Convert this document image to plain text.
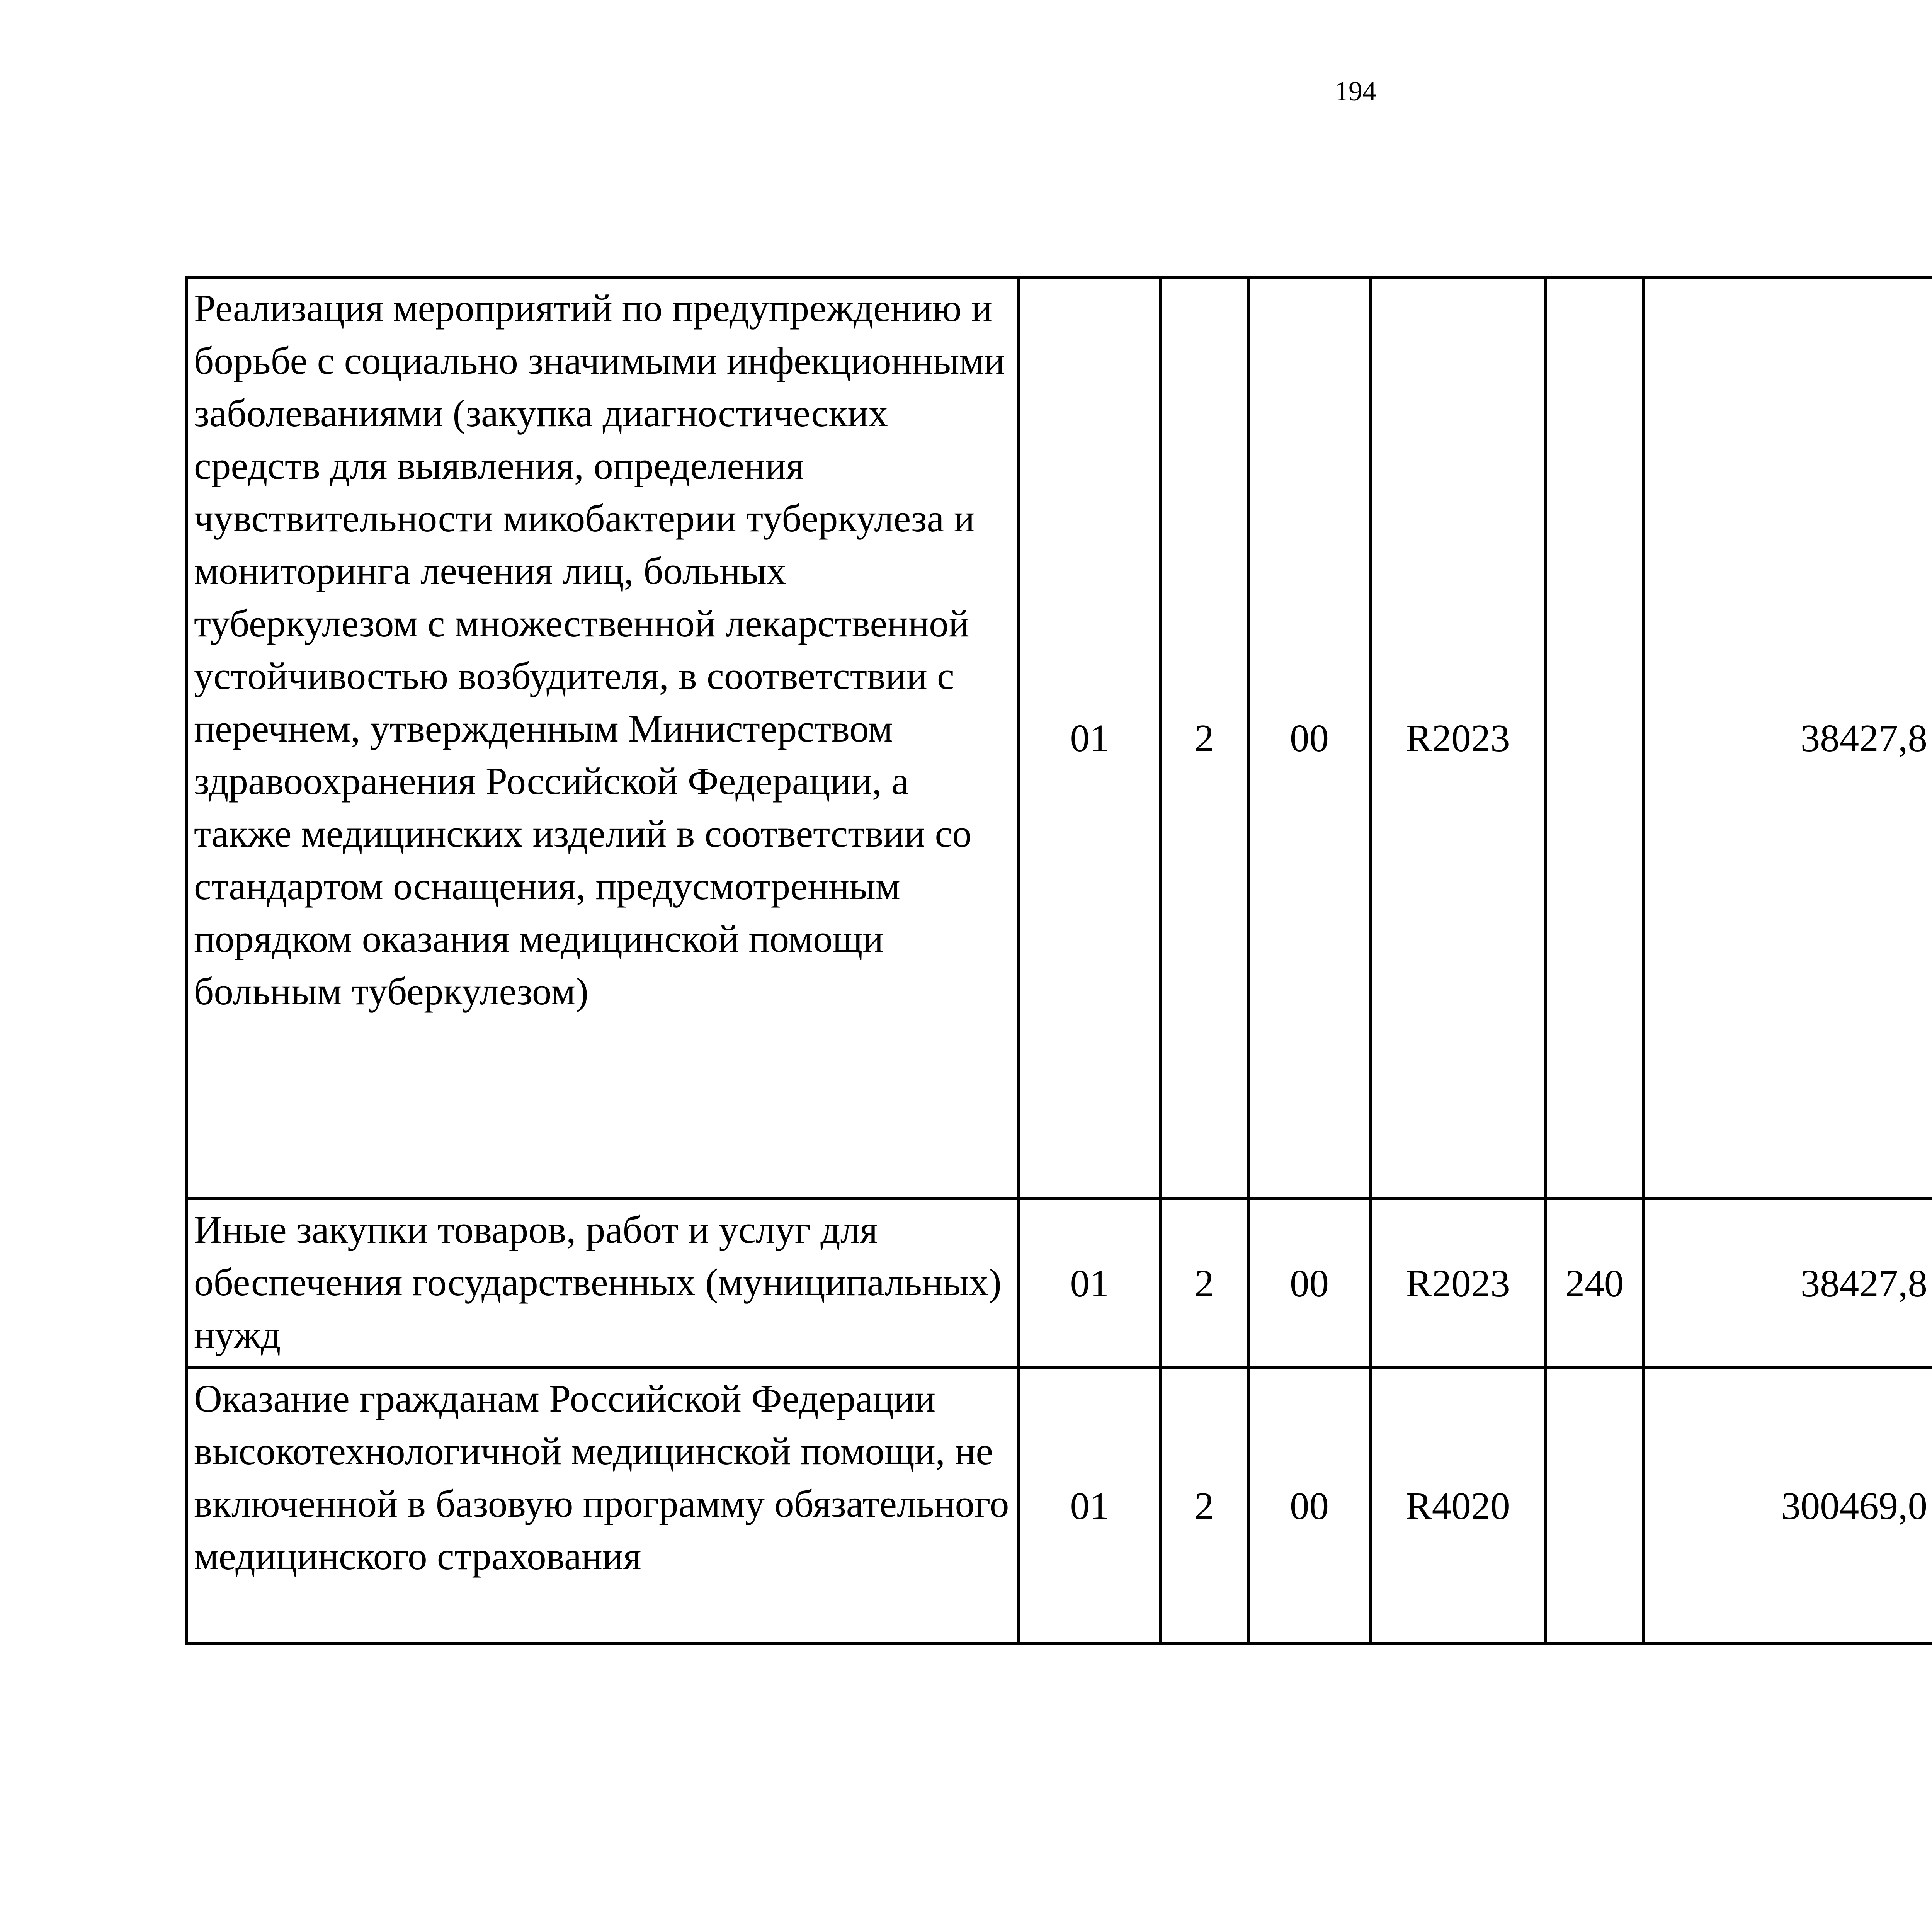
194
Реализация мероприятий по предупреждению и борьбе с социально значимыми инфекционными заболеваниями (закупка диагностических средств для выявления, определения чувствительности микобактерии туберкулеза и мониторинга лечения лиц, больных туберкулезом с множественной лекарственной устойчивостью возбудителя, в соответствии с перечнем, утвержденным Министерством здравоохранения Российской Федерации, а также медицинских изделий в соответствии со стандартом оснащения, предусмотренным порядком оказания медицинской помощи больным туберкулезом)	01	2	00	R2023		38427,8		
Иные закупки товаров, работ и услуг для обеспечения государственных (муниципальных) нужд	01	2	00	R2023	240	38427,8		
Оказание гражданам Российской Федерации высокотехнологичной медицинской помощи, не включенной в базовую программу обязательного медицинского страхования	01	2	00	R4020		300469,0		
